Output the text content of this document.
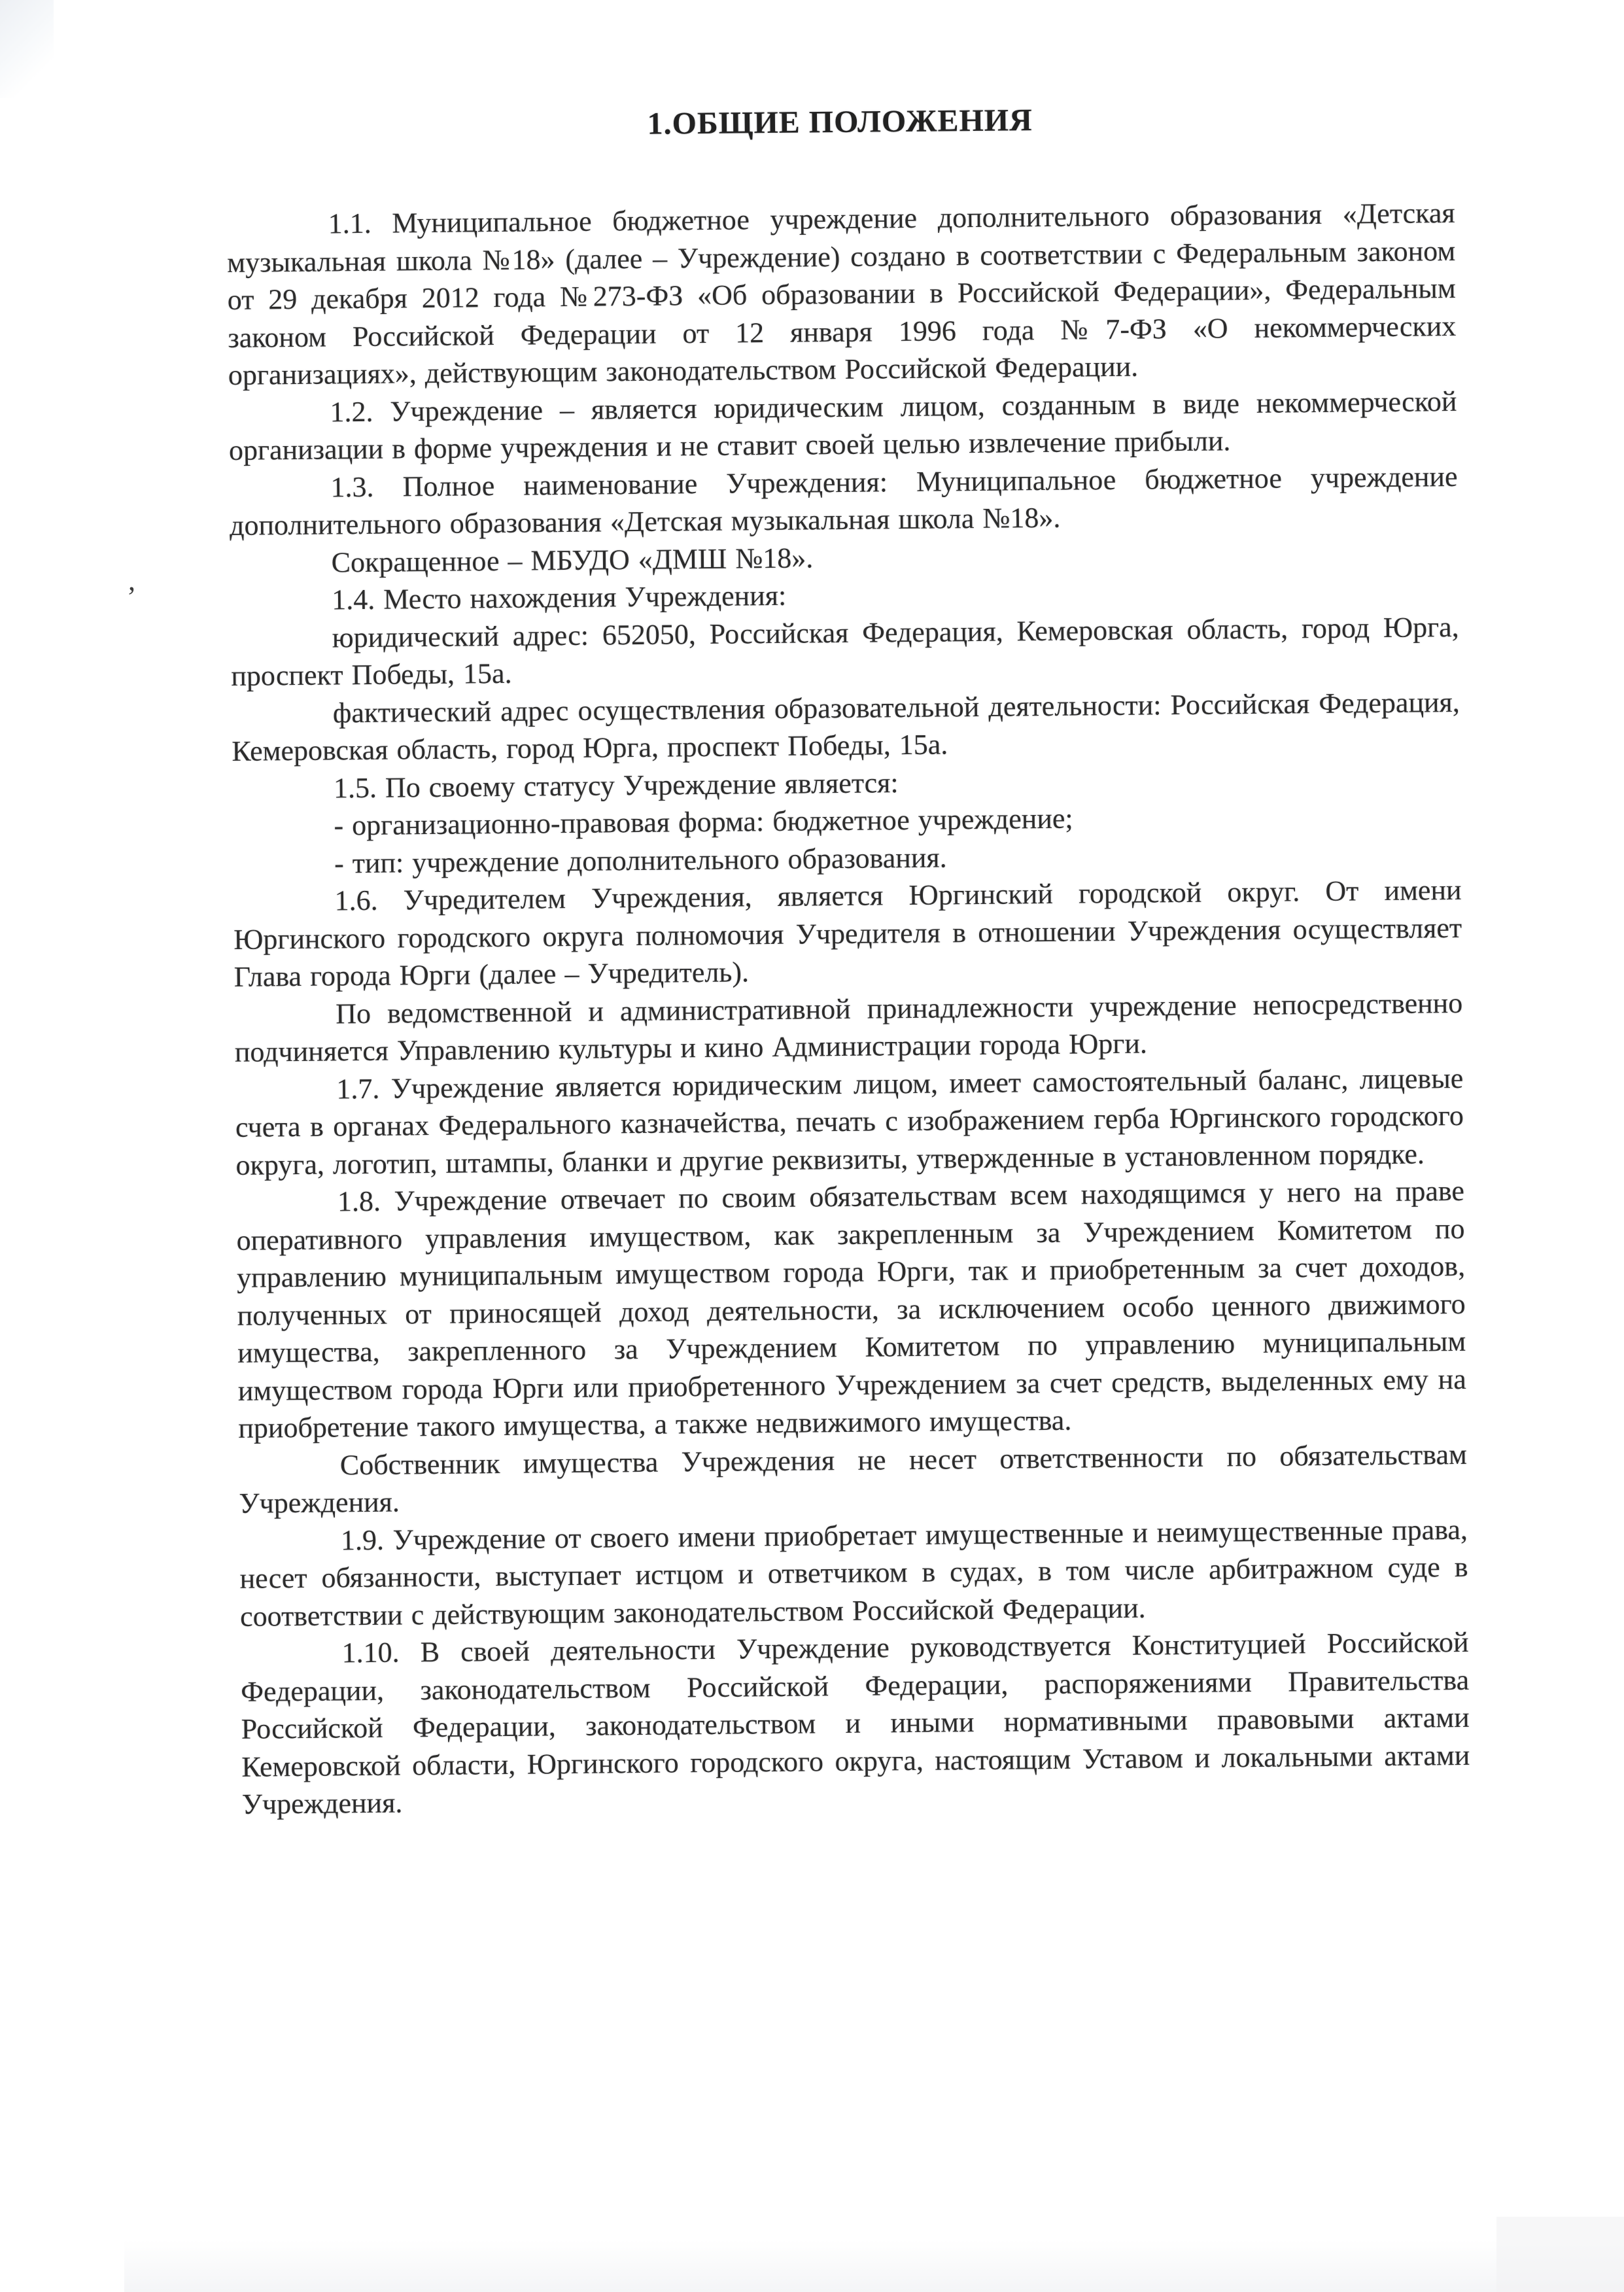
,
1.ОБЩИЕ ПОЛОЖЕНИЯ

1.1. Муниципальное бюджетное учреждение дополнительного образования «Детская музыкальная школа №18» (далее – Учреждение) создано в соответствии с Федеральным законом от 29 декабря 2012 года №273-ФЗ «Об образовании в Российской Федерации», Федеральным законом Российской Федерации от 12 января 1996 года №7-ФЗ «О некоммерческих организациях», действующим законодательством Российской Федерации.

1.2. Учреждение – является юридическим лицом, созданным в виде некоммерческой организации в форме учреждения и не ставит своей целью извлечение прибыли.

1.3. Полное наименование Учреждения: Муниципальное бюджетное учреждение дополнительного образования «Детская музыкальная школа №18».

Сокращенное – МБУДО «ДМШ №18».

1.4. Место нахождения Учреждения:

юридический адрес: 652050, Российская Федерация, Кемеровская область, город Юрга, проспект Победы, 15а.

фактический адрес осуществления образовательной деятельности: Российская Федерация, Кемеровская область, город Юрга, проспект Победы, 15а.

1.5. По своему статусу Учреждение является:

- организационно-правовая форма: бюджетное учреждение;

- тип: учреждение дополнительного образования.

1.6. Учредителем Учреждения, является Юргинский городской округ. От имени Юргинского городского округа полномочия Учредителя в отношении Учреждения осуществляет Глава города Юрги (далее – Учредитель).

По ведомственной и административной принадлежности учреждение непосредственно подчиняется Управлению культуры и кино Администрации города Юрги.

1.7. Учреждение является юридическим лицом, имеет самостоятельный баланс, лицевые счета в органах Федерального казначейства, печать с изображением герба Юргинского городского округа, логотип, штампы, бланки и другие реквизиты, утвержденные в установленном порядке.

1.8. Учреждение отвечает по своим обязательствам всем находящимся у него на праве оперативного управления имуществом, как закрепленным за Учреждением Комитетом по управлению муниципальным имуществом города Юрги, так и приобретенным за счет доходов, полученных от приносящей доход деятельности, за исключением особо ценного движимого имущества, закрепленного за Учреждением Комитетом по управлению муниципальным имуществом города Юрги или приобретенного Учреждением за счет средств, выделенных ему на приобретение такого имущества, а также недвижимого имущества.

Собственник имущества Учреждения не несет ответственности по обязательствам Учреждения.

1.9. Учреждение от своего имени приобретает имущественные и неимущественные права, несет обязанности, выступает истцом и ответчиком в судах, в том числе арбитражном суде в соответствии с действующим законодательством Российской Федерации.

1.10. В своей деятельности Учреждение руководствуется Конституцией Российской Федерации, законодательством Российской Федерации, распоряжениями Правительства Российской Федерации, законодательством и иными нормативными правовыми актами Кемеровской области, Юргинского городского округа, настоящим Уставом и локальными актами Учреждения.
